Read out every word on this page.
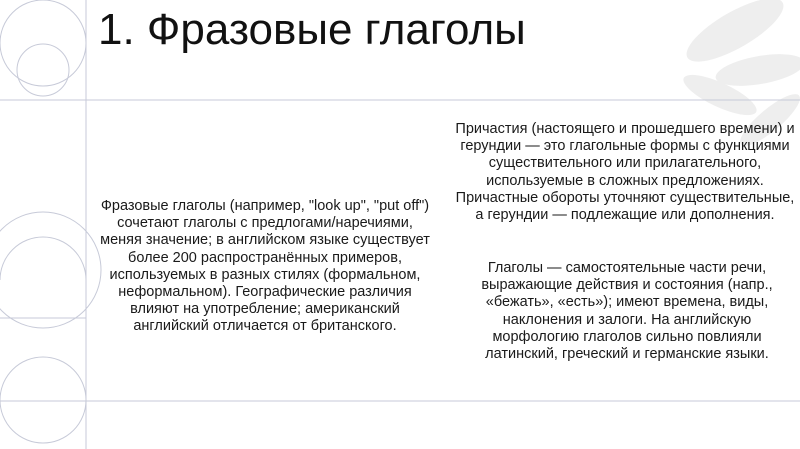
1. Фразовые глаголы

Фразовые глаголы (например, "look up", "put off") сочетают глаголы с предлогами/наречиями, меняя значение; в английском языке существует более 200 распространённых примеров, используемых в разных стилях (формальном, неформальном). Географические различия влияют на употребление; американский английский отличается от британского.

Причастия (настоящего и прошедшего времени) и герундии — это глагольные формы с функциями существительного или прилагательного, используемые в сложных предложениях. Причастные обороты уточняют существительные, а герундии — подлежащие или дополнения.

Глаголы — самостоятельные части речи, выражающие действия и состояния (напр., «бежать», «есть»); имеют времена, виды, наклонения и залоги. На английскую морфологию глаголов сильно повлияли латинский, греческий и германские языки.
